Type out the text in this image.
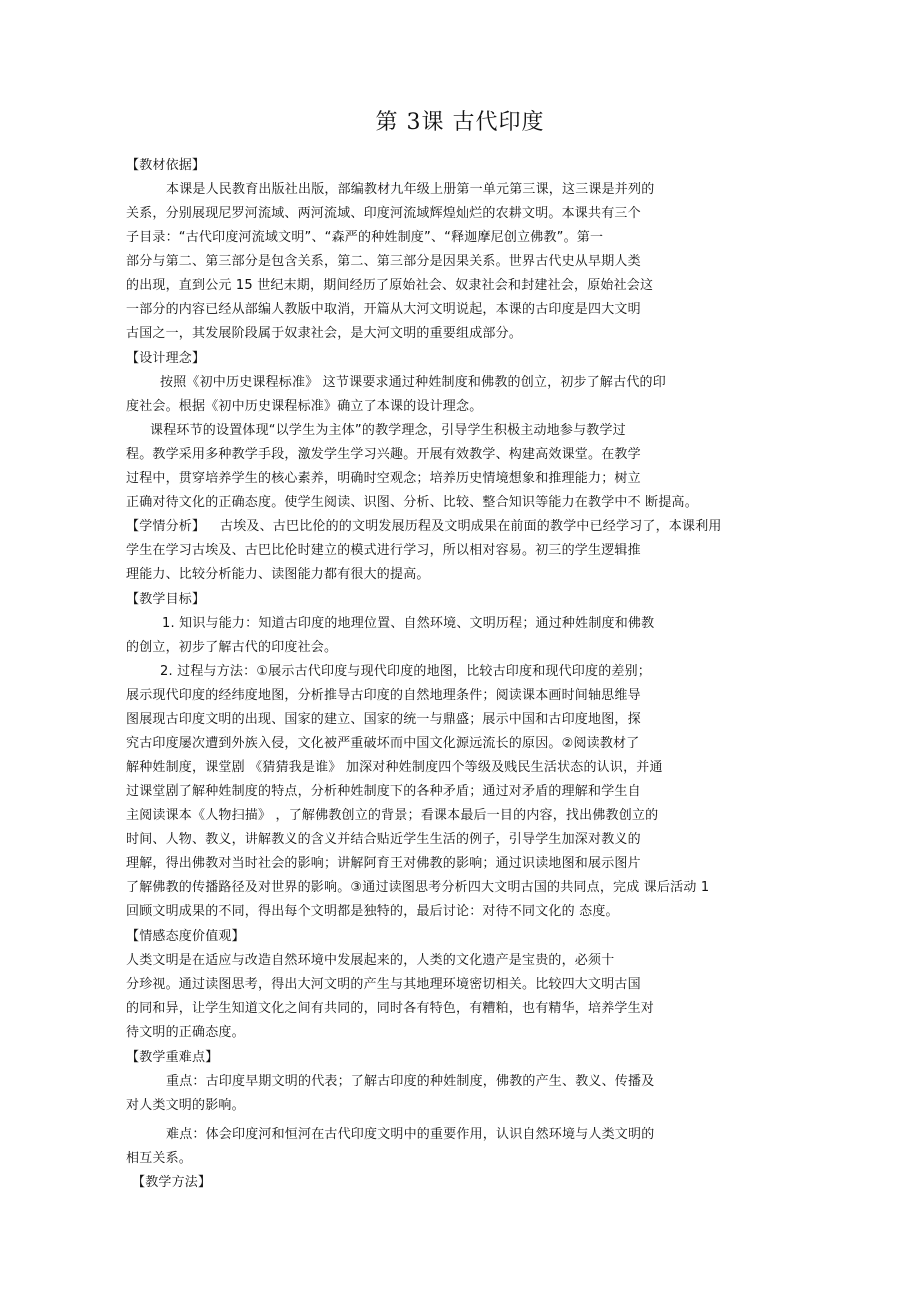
第 3课 古代印度
【教材依据】
本课是人民教育出版社出版，部编教材九年级上册第一单元第三课，这三课是并列的
关系，分别展现尼罗河流域、两河流域、印度河流域辉煌灿烂的农耕文明。本课共有三个
子目录：“古代印度河流域文明”、“森严的种姓制度”、“释迦摩尼创立佛教”。第一
部分与第二、第三部分是包含关系，第二、第三部分是因果关系。世界古代史从早期人类
的出现，直到公元 15 世纪末期，期间经历了原始社会、奴隶社会和封建社会，原始社会这
一部分的内容已经从部编人教版中取消，开篇从大河文明说起，本课的古印度是四大文明
古国之一，其发展阶段属于奴隶社会，是大河文明的重要组成部分。
【设计理念】
按照《初中历史课程标准》 这节课要求通过种姓制度和佛教的创立，初步了解古代的印
度社会。根据《初中历史课程标准》确立了本课的设计理念。
课程环节的设置体现“以学生为主体”的教学理念，引导学生积极主动地参与教学过
程。教学采用多种教学手段，激发学生学习兴趣。开展有效教学、构建高效课堂。在教学
过程中，贯穿培养学生的核心素养，明确时空观念；培养历史情境想象和推理能力；树立
正确对待文化的正确态度。使学生阅读、识图、分析、比较、整合知识等能力在教学中不 断提高。
【学情分析】 古埃及、古巴比伦的的文明发展历程及文明成果在前面的教学中已经学习了，本课利用
学生在学习古埃及、古巴比伦时建立的模式进行学习，所以相对容易。初三的学生逻辑推
理能力、比较分析能力、读图能力都有很大的提高。
【教学目标】
1. 知识与能力：知道古印度的地理位置、自然环境、文明历程；通过种姓制度和佛教
的创立，初步了解古代的印度社会。
2. 过程与方法：①展示古代印度与现代印度的地图，比较古印度和现代印度的差别；
展示现代印度的经纬度地图，分析推导古印度的自然地理条件；阅读课本画时间轴思维导
图展现古印度文明的出现、国家的建立、国家的统一与鼎盛；展示中国和古印度地图，探
究古印度屡次遭到外族入侵，文化被严重破坏而中国文化源远流长的原因。②阅读教材了
解种姓制度，课堂剧 《猜猜我是谁》 加深对种姓制度四个等级及贱民生活状态的认识，并通
过课堂剧了解种姓制度的特点，分析种姓制度下的各种矛盾；通过对矛盾的理解和学生自
主阅读课本《人物扫描》 ，了解佛教创立的背景；看课本最后一目的内容，找出佛教创立的
时间、人物、教义，讲解教义的含义并结合贴近学生生活的例子，引导学生加深对教义的
理解，得出佛教对当时社会的影响；讲解阿育王对佛教的影响；通过识读地图和展示图片
了解佛教的传播路径及对世界的影响。③通过读图思考分析四大文明古国的共同点，完成 课后活动 1
回顾文明成果的不同，得出每个文明都是独特的，最后讨论：对待不同文化的 态度。
【情感态度价值观】
人类文明是在适应与改造自然环境中发展起来的，人类的文化遗产是宝贵的，必须十
分珍视。通过读图思考，得出大河文明的产生与其地理环境密切相关。比较四大文明古国
的同和异，让学生知道文化之间有共同的，同时各有特色，有糟粕，也有精华，培养学生对
待文明的正确态度。
【教学重难点】
重点：古印度早期文明的代表；了解古印度的种姓制度，佛教的产生、教义、传播及
对人类文明的影响。
难点：体会印度河和恒河在古代印度文明中的重要作用，认识自然环境与人类文明的
相互关系。
【教学方法】
